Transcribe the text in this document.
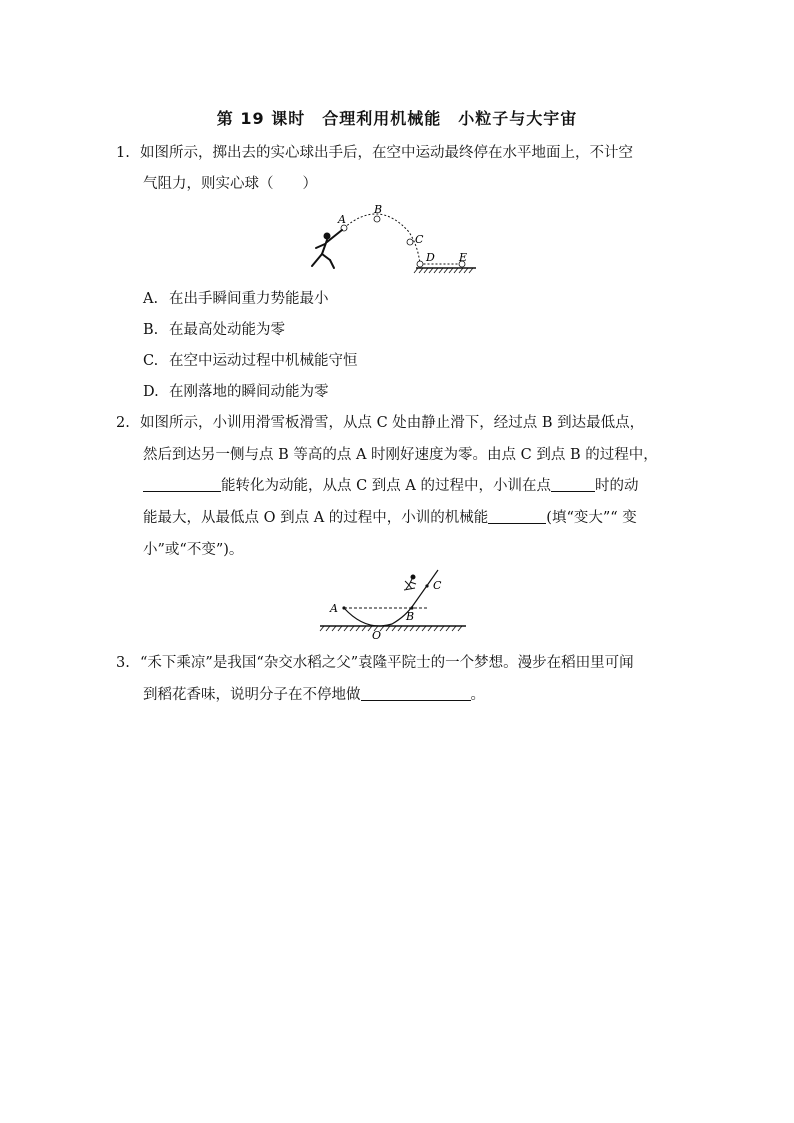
第 19 课时　合理利用机械能　小粒子与大宇宙
1. 如图所示，掷出去的实心球出手后，在空中运动最终停在水平地面上，不计空
气阻力，则实心球（　　）
A
B
C
D E
A. 在出手瞬间重力势能最小
B. 在最高处动能为零
C. 在空中运动过程中机械能守恒
D. 在刚落地的瞬间动能为零
2. 如图所示，小训用滑雪板滑雪，从点 C 处由静止滑下，经过点 B 到达最低点，
然后到达另一侧与点 B 等高的点 A 时刚好速度为零。由点 C 到点 B 的过程中，
能转化为动能，从点 C 到点 A 的过程中，小训在点	时的动
能最大，从最低点 O 到点 A 的过程中，小训的机械能	(填“变大”“ 变
小”或“不变”)。
A
B
C
O
3. “禾下乘凉”是我国“杂交水稻之父”袁隆平院士的一个梦想。漫步在稻田里可闻
到稻花香味，说明分子在不停地做	。
